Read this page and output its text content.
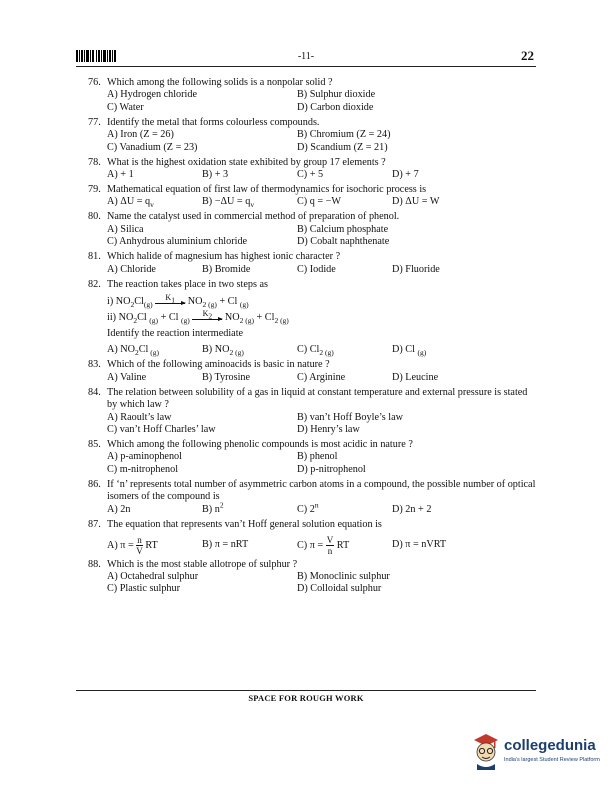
-11-	22
76. Which among the following solids is a nonpolar solid ?
A) Hydrogen chloride	B) Sulphur dioxide
C) Water	D) Carbon dioxide
77. Identify the metal that forms colourless compounds.
A) Iron (Z = 26)	B) Chromium (Z = 24)
C) Vanadium (Z = 23)	D) Scandium (Z = 21)
78. What is the highest oxidation state exhibited by group 17 elements ?
A) + 1	B) + 3	C) + 5	D) + 7
79. Mathematical equation of first law of thermodynamics for isochoric process is
A) $\Delta U = q_v$	$B) -\Delta U = q_v$	C) q = −W	D) ΔU = W
80. Name the catalyst used in commercial method of preparation of phenol.
A) Silica	B) Calcium phosphate
C) Anhydrous aluminium chloride	D) Cobalt naphthenate
81. Which halide of magnesium has highest ionic character ?
A) Chloride	B) Bromide	C) Iodide	D) Fluoride
82. The reaction takes place in two steps as
i) $NO_2Cl_{(g)}$ $K_1$
$NO_{2 (g)} + Cl$ $_{(g)}$
ii) $NO_2Cl$ $_{(g)}$ + Cl $_{(g)}$ $K_2$
$NO_{2 (g)} + Cl_{2 (g)}$
Identify the reaction intermediate
A) $NO_2Cl$ $_{(g)}$	B) $NO_{2 (g)}$	C) $Cl_{2 (g)}$	D) Cl $_{(g)}$
83. Which of the following aminoacids is basic in nature ?
A) Valine	B) Tyrosine	C) Arginine	D) Leucine
84. The relation between solubility of a gas in liquid at constant temperature and external pressure is stated by which law ?
A) Raoult’s law	B) van’t Hoff Boyle’s law
C) van’t Hoff Charles’ law	D) Henry’s law
85. Which among the following phenolic compounds is most acidic in nature ?
A) p-aminophenol	B) phenol
C) m-nitrophenol	D) p-nitrophenol
86. If ‘n’ represents total number of asymmetric carbon atoms in a compound, the possible number of optical isomers of the compound is
A) 2n	B) $n^2$	C) 2$^n$	D) 2n + 2
87. The equation that represents van’t Hoff general solution equation is
A) $\pi = \frac{n}{V}$ RT	B) π = nRT	C) $\pi = \frac{V}{n}$ RT	D) π = nVRT
88. Which is the most stable allotrope of sulphur ?
A) Octahedral sulphur	B) Monoclinic sulphur
C) Plastic sulphur	D) Colloidal sulphur
SPACE FOR ROUGH WORK
collegedunia
India's largest Student Review Platform
